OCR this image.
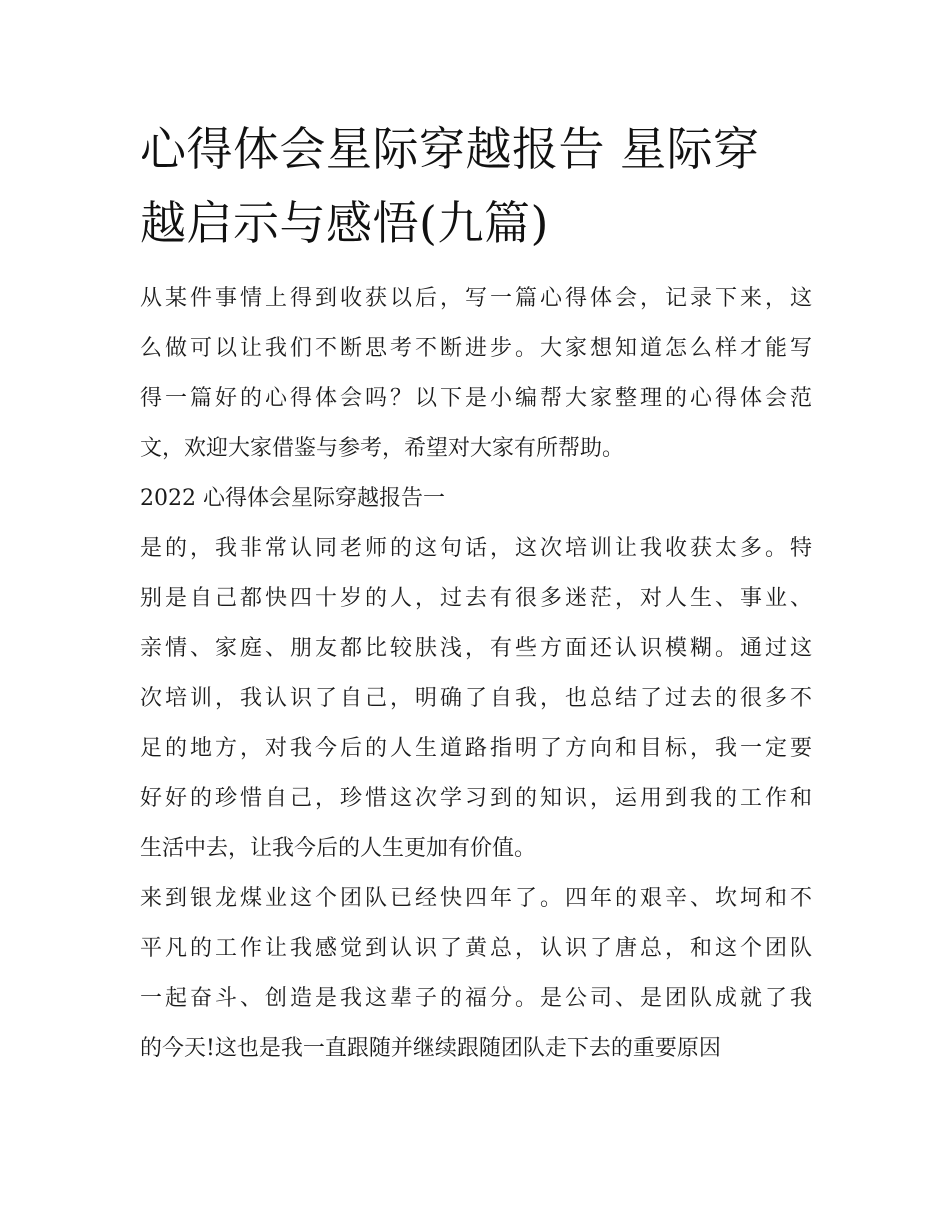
心得体会星际穿越报告 星际穿
越启示与感悟(九篇)

从某件事情上得到收获以后，写一篇心得体会，记录下来，这
么做可以让我们不断思考不断进步。大家想知道怎么样才能写
得一篇好的心得体会吗？以下是小编帮大家整理的心得体会范
文，欢迎大家借鉴与参考，希望对大家有所帮助。

2022 心得体会星际穿越报告一

是的，我非常认同老师的这句话，这次培训让我收获太多。特
别是自己都快四十岁的人，过去有很多迷茫，对人生、事业、
亲情、家庭、朋友都比较肤浅，有些方面还认识模糊。通过这
次培训，我认识了自己，明确了自我，也总结了过去的很多不
足的地方，对我今后的人生道路指明了方向和目标，我一定要
好好的珍惜自己，珍惜这次学习到的知识，运用到我的工作和
生活中去，让我今后的人生更加有价值。

来到银龙煤业这个团队已经快四年了。四年的艰辛、坎坷和不
平凡的工作让我感觉到认识了黄总，认识了唐总，和这个团队
一起奋斗、创造是我这辈子的福分。是公司、是团队成就了我
的今天!这也是我一直跟随并继续跟随团队走下去的重要原因
